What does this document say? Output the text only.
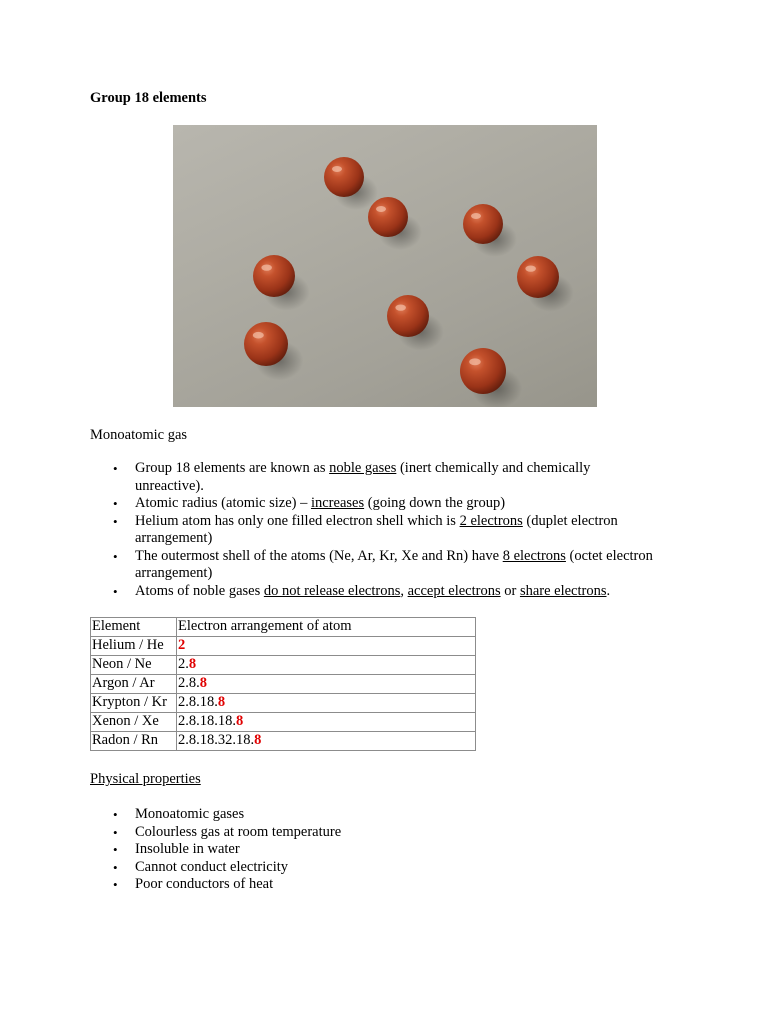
Group 18 elements
Monoatomic gas
• Group 18 elements are known as noble gases (inert chemically and chemically
unreactive).
• Atomic radius (atomic size) – increases (going down the group)
• Helium atom has only one filled electron shell which is 2 electrons (duplet electron
arrangement)
• The outermost shell of the atoms (Ne, Ar, Kr, Xe and Rn) have 8 electrons (octet electron
arrangement)
• Atoms of noble gases do not release electrons, accept electrons or share electrons.
Element	Electron arrangement of atom
Helium / He	2
Neon / Ne	2.8
Argon / Ar	2.8.8
Krypton / Kr	2.8.18.8
Xenon / Xe	2.8.18.18.8
Radon / Rn	2.8.18.32.18.8
Physical properties
• Monoatomic gases
• Colourless gas at room temperature
• Insoluble in water
• Cannot conduct electricity
• Poor conductors of heat
